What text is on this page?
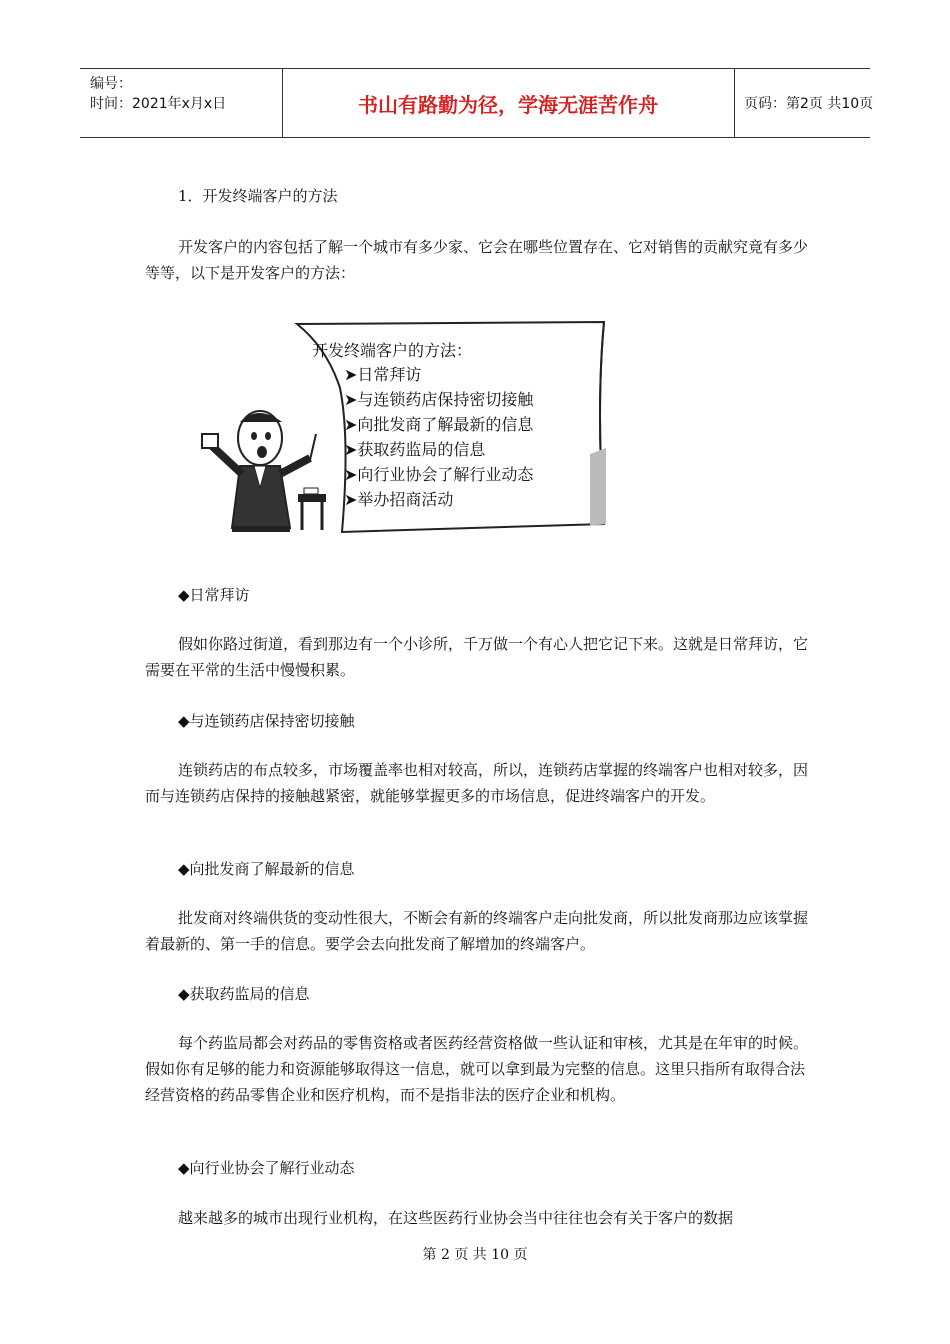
编号：
时间：2021年x月x日	书山有路勤为径，学海无涯苦作舟	页码：第2页 共10页
1．开发终端客户的方法
开发客户的内容包括了解一个城市有多少家、它会在哪些位置存在、它对销售的贡献究竟有多少等等，以下是开发客户的方法：
开发终端客户的方法：
➤日常拜访
➤与连锁药店保持密切接触
➤向批发商了解最新的信息
➤获取药监局的信息
➤向行业协会了解行业动态
➤举办招商活动
◆日常拜访
假如你路过街道，看到那边有一个小诊所，千万做一个有心人把它记下来。这就是日常拜访，它需要在平常的生活中慢慢积累。
◆与连锁药店保持密切接触
连锁药店的布点较多，市场覆盖率也相对较高，所以，连锁药店掌握的终端客户也相对较多，因而与连锁药店保持的接触越紧密，就能够掌握更多的市场信息，促进终端客户的开发。
◆向批发商了解最新的信息
批发商对终端供货的变动性很大，不断会有新的终端客户走向批发商，所以批发商那边应该掌握着最新的、第一手的信息。要学会去向批发商了解增加的终端客户。
◆获取药监局的信息
每个药监局都会对药品的零售资格或者医药经营资格做一些认证和审核，尤其是在年审的时候。假如你有足够的能力和资源能够取得这一信息，就可以拿到最为完整的信息。这里只指所有取得合法经营资格的药品零售企业和医疗机构，而不是指非法的医疗企业和机构。
◆向行业协会了解行业动态
越来越多的城市出现行业机构，在这些医药行业协会当中往往也会有关于客户的数据
第 2 页 共 10 页
